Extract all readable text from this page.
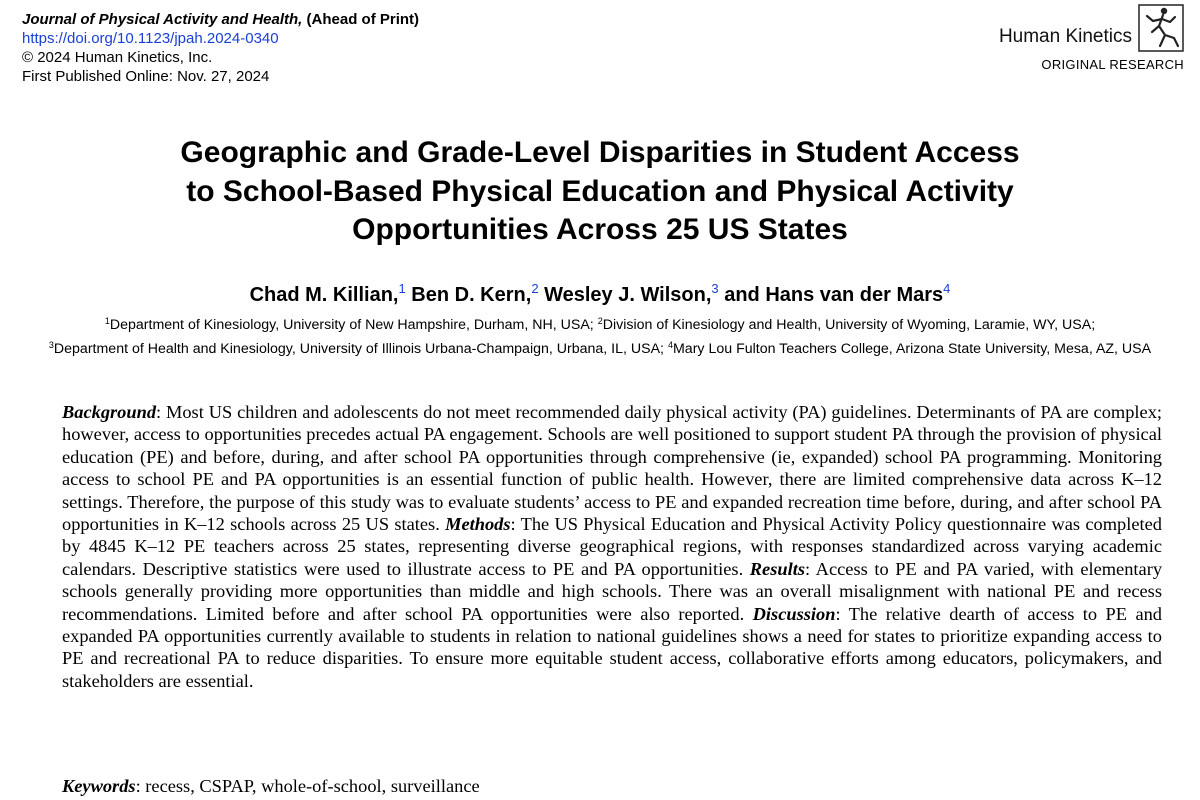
Journal of Physical Activity and Health, (Ahead of Print)
https://doi.org/10.1123/jpah.2024-0340
© 2024 Human Kinetics, Inc.
First Published Online: Nov. 27, 2024
Human Kinetics
ORIGINAL RESEARCH
Geographic and Grade-Level Disparities in Student Access
to School-Based Physical Education and Physical Activity
Opportunities Across 25 US States
Chad M. Killian,$^1$ Ben D. Kern,$^2$ Wesley J. Wilson,$^3$ and Hans van der Mars$^4$
$^1$Department of Kinesiology, University of New Hampshire, Durham, NH, USA; $^2$Division of Kinesiology and Health, University of Wyoming, Laramie, WY, USA;
$^3$Department of Health and Kinesiology, University of Illinois Urbana-Champaign, Urbana, IL, USA; $^4$Mary Lou Fulton Teachers College, Arizona State University, Mesa, AZ, USA

Background: Most US children and adolescents do not meet recommended daily physical activity (PA) guidelines. Determinants of PA are complex; however, access to opportunities precedes actual PA engagement. Schools are well positioned to support student PA through the provision of physical education (PE) and before, during, and after school PA opportunities through comprehensive (ie, expanded) school PA programming. Monitoring access to school PE and PA opportunities is an essential function of public health. However, there are limited comprehensive data across K–12 settings. Therefore, the purpose of this study was to evaluate students’ access to PE and expanded recreation time before, during, and after school PA opportunities in K–12 schools across 25 US states. Methods: The US Physical Education and Physical Activity Policy questionnaire was completed by 4845 K–12 PE teachers across 25 states, representing diverse geographical regions, with responses standardized across varying academic calendars. Descriptive statistics were used to illustrate access to PE and PA opportunities. Results: Access to PE and PA varied, with elementary schools generally providing more opportunities than middle and high schools. There was an overall misalignment with national PE and recess recommendations. Limited before and after school PA opportunities were also reported. Discussion: The relative dearth of access to PE and expanded PA opportunities currently available to students in relation to national guidelines shows a need for states to prioritize expanding access to PE and recreational PA to reduce disparities. To ensure more equitable student access, collaborative efforts among educators, policymakers, and stakeholders are essential.

Keywords: recess, CSPAP, whole-of-school, surveillance
